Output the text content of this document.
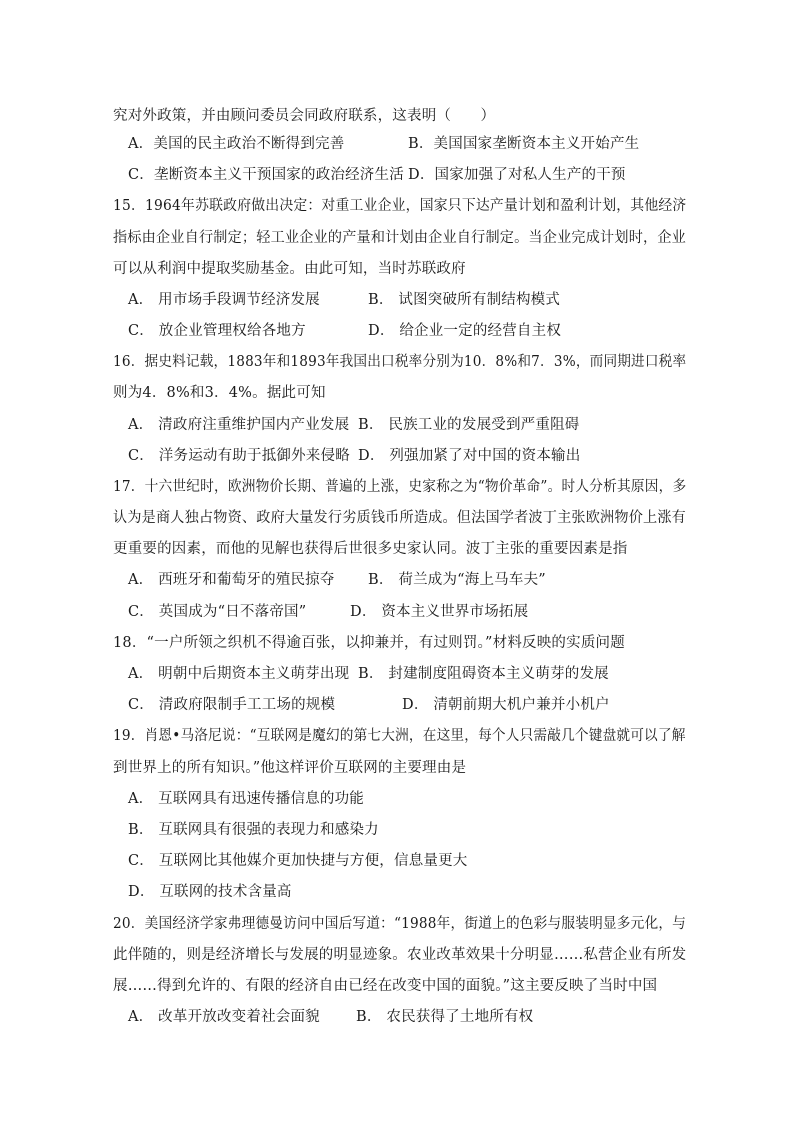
究对外政策，并由顾问委员会同政府联系，这表明（　　）
A．美国的民主政治不断得到完善	B．美国国家垄断资本主义开始产生
C．垄断资本主义干预国家的政治经济生活 D．国家加强了对私人生产的干预
15．1964年苏联政府做出决定：对重工业企业，国家只下达产量计划和盈利计划，其他经济
指标由企业自行制定；轻工业企业的产量和计划由企业自行制定。当企业完成计划时，企业
可以从利润中提取奖励基金。由此可知，当时苏联政府
A． 用市场手段调节经济发展	B． 试图突破所有制结构模式
C． 放企业管理权给各地方	D． 给企业一定的经营自主权
16．据史料记载，1883年和1893年我国出口税率分别为10．8%和7．3%，而同期进口税率
则为4．8%和3．4%。据此可知
A． 清政府注重维护国内产业发展 B． 民族工业的发展受到严重阻碍
C． 洋务运动有助于抵御外来侵略 D． 列强加紧了对中国的资本输出
17．十六世纪时，欧洲物价长期、普遍的上涨，史家称之为“物价革命”。时人分析其原因，多
认为是商人独占物资、政府大量发行劣质钱币所造成。但法国学者波丁主张欧洲物价上涨有
更重要的因素，而他的见解也获得后世很多史家认同。波丁主张的重要因素是指
A． 西班牙和葡萄牙的殖民掠夺 B． 荷兰成为“海上马车夫”
C． 英国成为“日不落帝国”	D． 资本主义世界市场拓展
18．“一户所领之织机不得逾百张，以抑兼并，有过则罚。”材料反映的实质问题
A． 明朝中后期资本主义萌芽出现 B． 封建制度阻碍资本主义萌芽的发展
C． 清政府限制手工工场的规模	D． 清朝前期大机户兼并小机户
19．肖恩•马洛尼说：“互联网是魔幻的第七大洲，在这里，每个人只需敲几个键盘就可以了解
到世界上的所有知识。”他这样评价互联网的主要理由是
A． 互联网具有迅速传播信息的功能
B． 互联网具有很强的表现力和感染力
C． 互联网比其他媒介更加快捷与方便，信息量更大
D． 互联网的技术含量高
20．美国经济学家弗理德曼访问中国后写道：“1988年，街道上的色彩与服装明显多元化，与
此伴随的，则是经济增长与发展的明显迹象。农业改革效果十分明显……私营企业有所发
展……得到允许的、有限的经济自由已经在改变中国的面貌。”这主要反映了当时中国
A． 改革开放改变着社会面貌 B． 农民获得了土地所有权
